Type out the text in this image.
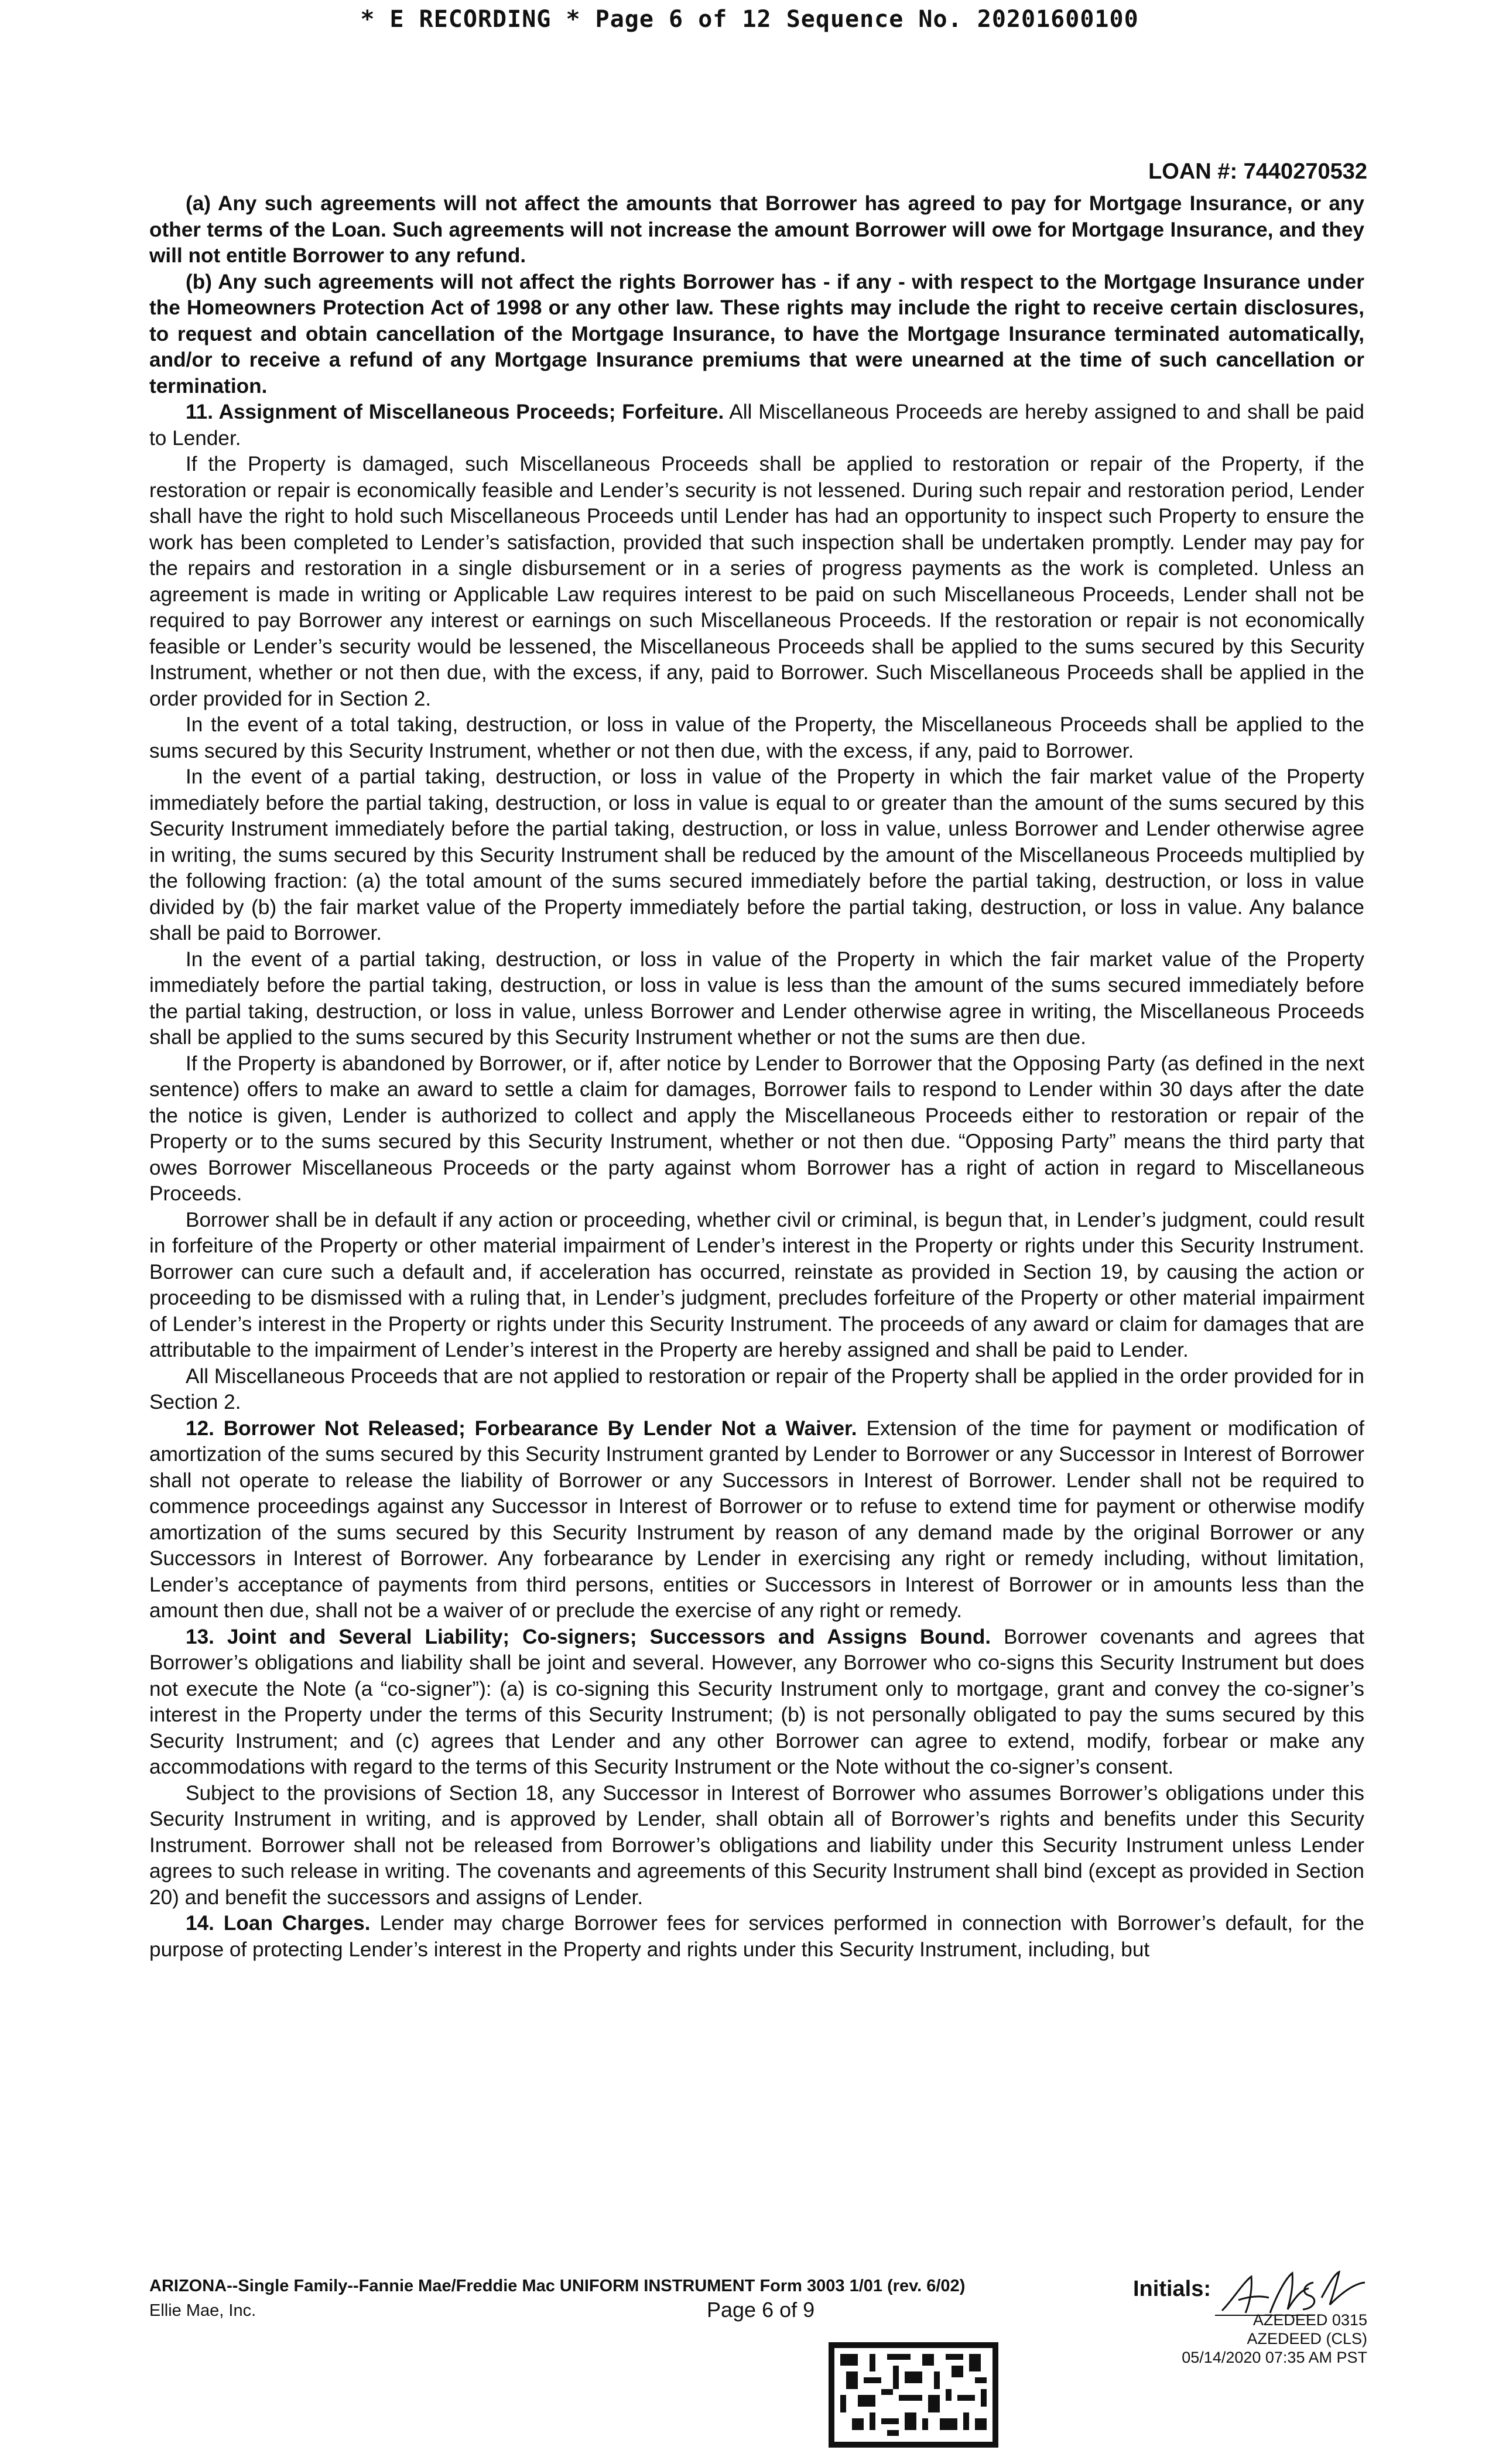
* E RECORDING * Page 6 of 12 Sequence No. 20201600100
LOAN #: 7440270532

(a) Any such agreements will not affect the amounts that Borrower has agreed to pay for Mortgage Insurance, or any other terms of the Loan. Such agreements will not increase the amount Borrower will owe for Mortgage Insurance, and they will not entitle Borrower to any refund.

(b) Any such agreements will not affect the rights Borrower has - if any - with respect to the Mortgage Insurance under the Homeowners Protection Act of 1998 or any other law. These rights may include the right to receive certain disclosures, to request and obtain cancellation of the Mortgage Insurance, to have the Mortgage Insurance terminated automatically, and/or to receive a refund of any Mortgage Insurance premiums that were unearned at the time of such cancellation or termination.

11. Assignment of Miscellaneous Proceeds; Forfeiture. All Miscellaneous Proceeds are hereby assigned to and shall be paid to Lender.

If the Property is damaged, such Miscellaneous Proceeds shall be applied to restoration or repair of the Property, if the restoration or repair is economically feasible and Lender’s security is not lessened. During such repair and restoration period, Lender shall have the right to hold such Miscellaneous Proceeds until Lender has had an opportunity to inspect such Property to ensure the work has been completed to Lender’s satisfaction, provided that such inspection shall be undertaken promptly. Lender may pay for the repairs and restoration in a single disbursement or in a series of progress payments as the work is completed. Unless an agreement is made in writing or Applicable Law requires interest to be paid on such Miscellaneous Proceeds, Lender shall not be required to pay Borrower any interest or earnings on such Miscellaneous Proceeds. If the restoration or repair is not economically feasible or Lender’s security would be lessened, the Miscellaneous Proceeds shall be applied to the sums secured by this Security Instrument, whether or not then due, with the excess, if any, paid to Borrower. Such Miscellaneous Proceeds shall be applied in the order provided for in Section 2.

In the event of a total taking, destruction, or loss in value of the Property, the Miscellaneous Proceeds shall be applied to the sums secured by this Security Instrument, whether or not then due, with the excess, if any, paid to Borrower.

In the event of a partial taking, destruction, or loss in value of the Property in which the fair market value of the Property immediately before the partial taking, destruction, or loss in value is equal to or greater than the amount of the sums secured by this Security Instrument immediately before the partial taking, destruction, or loss in value, unless Borrower and Lender otherwise agree in writing, the sums secured by this Security Instrument shall be reduced by the amount of the Miscellaneous Proceeds multiplied by the following fraction: (a) the total amount of the sums secured immediately before the partial taking, destruction, or loss in value divided by (b) the fair market value of the Property immediately before the partial taking, destruction, or loss in value. Any balance shall be paid to Borrower.

In the event of a partial taking, destruction, or loss in value of the Property in which the fair market value of the Property immediately before the partial taking, destruction, or loss in value is less than the amount of the sums secured immediately before the partial taking, destruction, or loss in value, unless Borrower and Lender otherwise agree in writing, the Miscellaneous Proceeds shall be applied to the sums secured by this Security Instrument whether or not the sums are then due.

If the Property is abandoned by Borrower, or if, after notice by Lender to Borrower that the Opposing Party (as defined in the next sentence) offers to make an award to settle a claim for damages, Borrower fails to respond to Lender within 30 days after the date the notice is given, Lender is authorized to collect and apply the Miscellaneous Proceeds either to restoration or repair of the Property or to the sums secured by this Security Instrument, whether or not then due. “Opposing Party” means the third party that owes Borrower Miscellaneous Proceeds or the party against whom Borrower has a right of action in regard to Miscellaneous Proceeds.

Borrower shall be in default if any action or proceeding, whether civil or criminal, is begun that, in Lender’s judgment, could result in forfeiture of the Property or other material impairment of Lender’s interest in the Property or rights under this Security Instrument. Borrower can cure such a default and, if acceleration has occurred, reinstate as provided in Section 19, by causing the action or proceeding to be dismissed with a ruling that, in Lender’s judgment, precludes forfeiture of the Property or other material impairment of Lender’s interest in the Property or rights under this Security Instrument. The proceeds of any award or claim for damages that are attributable to the impairment of Lender’s interest in the Property are hereby assigned and shall be paid to Lender.

All Miscellaneous Proceeds that are not applied to restoration or repair of the Property shall be applied in the order provided for in Section 2.

12. Borrower Not Released; Forbearance By Lender Not a Waiver. Extension of the time for payment or modification of amortization of the sums secured by this Security Instrument granted by Lender to Borrower or any Successor in Interest of Borrower shall not operate to release the liability of Borrower or any Successors in Interest of Borrower. Lender shall not be required to commence proceedings against any Successor in Interest of Borrower or to refuse to extend time for payment or otherwise modify amortization of the sums secured by this Security Instrument by reason of any demand made by the original Borrower or any Successors in Interest of Borrower. Any forbearance by Lender in exercising any right or remedy including, without limitation, Lender’s acceptance of payments from third persons, entities or Successors in Interest of Borrower or in amounts less than the amount then due, shall not be a waiver of or preclude the exercise of any right or remedy.

13. Joint and Several Liability; Co-signers; Successors and Assigns Bound. Borrower covenants and agrees that Borrower’s obligations and liability shall be joint and several. However, any Borrower who co-signs this Security Instrument but does not execute the Note (a “co-signer”): (a) is co-signing this Security Instrument only to mortgage, grant and convey the co-signer’s interest in the Property under the terms of this Security Instrument; (b) is not personally obligated to pay the sums secured by this Security Instrument; and (c) agrees that Lender and any other Borrower can agree to extend, modify, forbear or make any accommodations with regard to the terms of this Security Instrument or the Note without the co-signer’s consent.

Subject to the provisions of Section 18, any Successor in Interest of Borrower who assumes Borrower’s obligations under this Security Instrument in writing, and is approved by Lender, shall obtain all of Borrower’s rights and benefits under this Security Instrument. Borrower shall not be released from Borrower’s obligations and liability under this Security Instrument unless Lender agrees to such release in writing. The covenants and agreements of this Security Instrument shall bind (except as provided in Section 20) and benefit the successors and assigns of Lender.

14. Loan Charges. Lender may charge Borrower fees for services performed in connection with Borrower’s default, for the purpose of protecting Lender’s interest in the Property and rights under this Security Instrument, including, but

ARIZONA--Single Family--Fannie Mae/Freddie Mac UNIFORM INSTRUMENT Form 3003 1/01 (rev. 6/02)
Ellie Mae, Inc.	Page 6 of 9
Initials:
AZEDEED 0315
AZEDEED (CLS)
05/14/2020 07:35 AM PST
